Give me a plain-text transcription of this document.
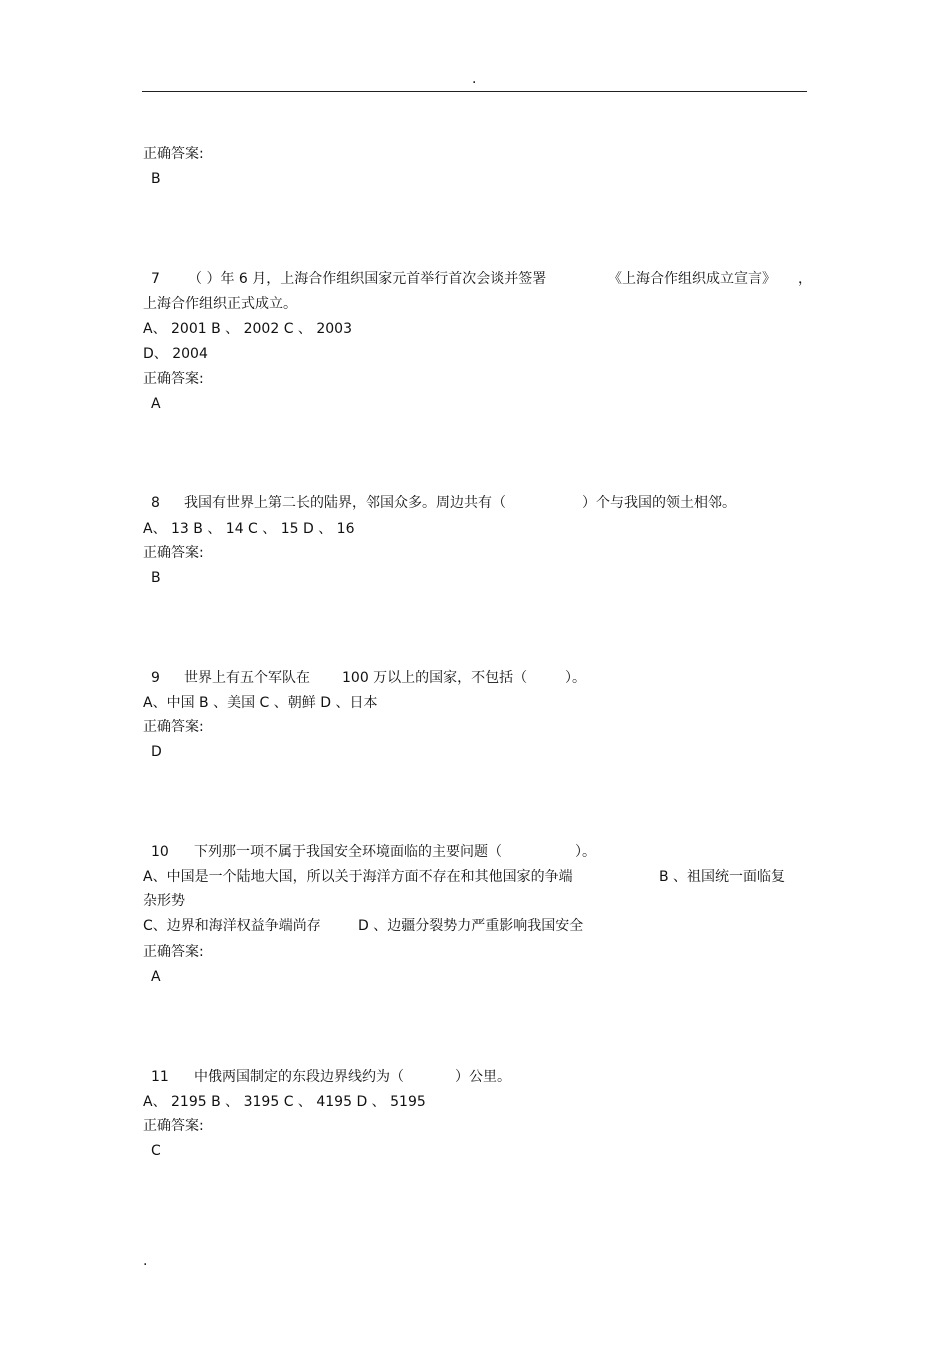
.
正确答案:
B
7 （ ）年 6 月，上海合作组织国家元首举行首次会谈并签署	《上海合作组织成立宣言》 ，
上海合作组织正式成立。
A、 2001 B 、 2002 C 、 2003
D、 2004
正确答案:
A
8 我国有世界上第二长的陆界，邻国众多。周边共有（	）个与我国的领土相邻。
A、 13 B 、 14 C 、 15 D 、 16
正确答案:
B
9 世界上有五个军队在 100 万以上的国家，不包括（	）。
A、中国 B 、美国 C 、朝鲜 D 、日本
正确答案:
D
10 下列那一项不属于我国安全环境面临的主要问题（	）。
A、中国是一个陆地大国，所以关于海洋方面不存在和其他国家的争端	B 、祖国统一面临复
杂形势
C、边界和海洋权益争端尚存	D 、边疆分裂势力严重影响我国安全
正确答案:
A
11 中俄两国制定的东段边界线约为（	）公里。
A、 2195 B 、 3195 C 、 4195 D 、 5195
正确答案:
C
.
